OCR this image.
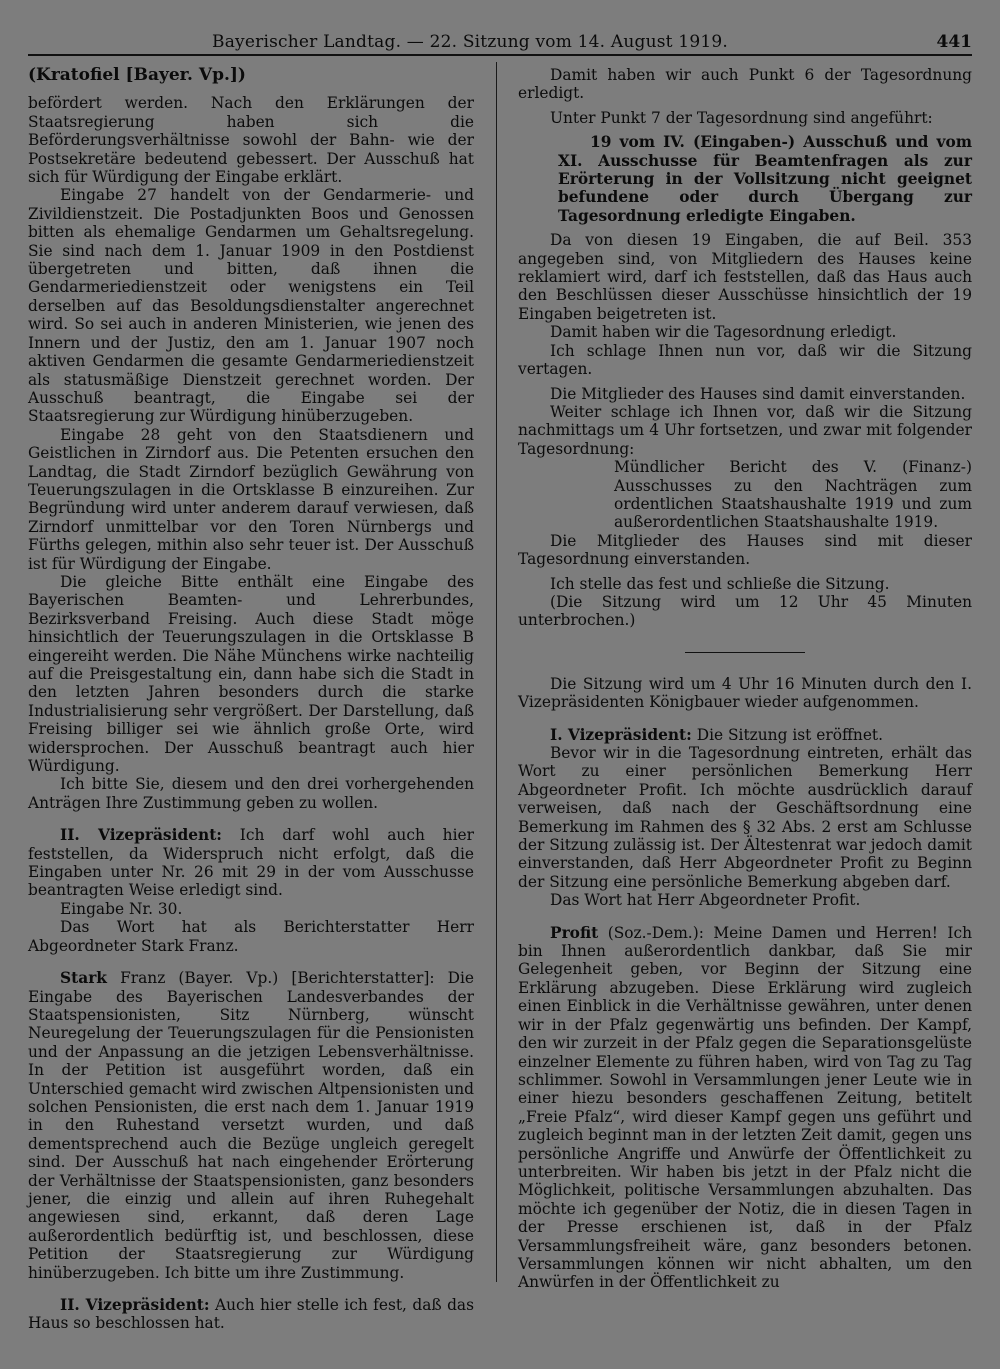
Bayerischer Landtag. — 22. Sitzung vom 14. August 1919.	441

(Kratofiel [Bayer. Vp.])

befördert werden. Nach den Erklärungen der Staatsregierung haben sich die Beförderungsverhältnisse sowohl der Bahn- wie der Postsekretäre bedeutend gebessert. Der Ausschuß hat sich für Würdigung der Eingabe erklärt.

Eingabe 27 handelt von der Gendarmerie- und Zivildienstzeit. Die Postadjunkten Boos und Genossen bitten als ehemalige Gendarmen um Gehaltsregelung. Sie sind nach dem 1. Januar 1909 in den Postdienst übergetreten und bitten, daß ihnen die Gendarmeriedienstzeit oder wenigstens ein Teil derselben auf das Besoldungsdienstalter angerechnet wird. So sei auch in anderen Ministerien, wie jenen des Innern und der Justiz, den am 1. Januar 1907 noch aktiven Gendarmen die gesamte Gendarmeriedienstzeit als statusmäßige Dienstzeit gerechnet worden. Der Ausschuß beantragt, die Eingabe sei der Staatsregierung zur Würdigung hinüberzugeben.

Eingabe 28 geht von den Staatsdienern und Geistlichen in Zirndorf aus. Die Petenten ersuchen den Landtag, die Stadt Zirndorf bezüglich Gewährung von Teuerungszulagen in die Ortsklasse B einzureihen. Zur Begründung wird unter anderem darauf verwiesen, daß Zirndorf unmittelbar vor den Toren Nürnbergs und Fürths gelegen, mithin also sehr teuer ist. Der Ausschuß ist für Würdigung der Eingabe.

Die gleiche Bitte enthält eine Eingabe des Bayerischen Beamten- und Lehrerbundes, Bezirksverband Freising. Auch diese Stadt möge hinsichtlich der Teuerungszulagen in die Ortsklasse B eingereiht werden. Die Nähe Münchens wirke nachteilig auf die Preisgestaltung ein, dann habe sich die Stadt in den letzten Jahren besonders durch die starke Industrialisierung sehr vergrößert. Der Darstellung, daß Freising billiger sei wie ähnlich große Orte, wird widersprochen. Der Ausschuß beantragt auch hier Würdigung.

Ich bitte Sie, diesem und den drei vorhergehenden Anträgen Ihre Zustimmung geben zu wollen.

II. Vizepräsident: Ich darf wohl auch hier feststellen, da Widerspruch nicht erfolgt, daß die Eingaben unter Nr. 26 mit 29 in der vom Ausschusse beantragten Weise erledigt sind.

Eingabe Nr. 30.

Das Wort hat als Berichterstatter Herr Abgeordneter Stark Franz.

Stark Franz (Bayer. Vp.) [Berichterstatter]: Die Eingabe des Bayerischen Landesverbandes der Staatspensionisten, Sitz Nürnberg, wünscht Neuregelung der Teuerungszulagen für die Pensionisten und der Anpassung an die jetzigen Lebensverhältnisse. In der Petition ist ausgeführt worden, daß ein Unterschied gemacht wird zwischen Altpensionisten und solchen Pensionisten, die erst nach dem 1. Januar 1919 in den Ruhestand versetzt wurden, und daß dementsprechend auch die Bezüge ungleich geregelt sind. Der Ausschuß hat nach eingehender Erörterung der Verhältnisse der Staatspensionisten, ganz besonders jener, die einzig und allein auf ihren Ruhegehalt angewiesen sind, erkannt, daß deren Lage außerordentlich bedürftig ist, und beschlossen, diese Petition der Staatsregierung zur Würdigung hinüberzugeben. Ich bitte um ihre Zustimmung.

II. Vizepräsident: Auch hier stelle ich fest, daß das Haus so beschlossen hat.

Damit haben wir auch Punkt 6 der Tagesordnung erledigt.

Unter Punkt 7 der Tagesordnung sind angeführt:

19 vom IV. (Eingaben-) Ausschuß und vom XI. Ausschusse für Beamtenfragen als zur Erörterung in der Vollsitzung nicht geeignet befundene oder durch Übergang zur Tagesordnung erledigte Eingaben.

Da von diesen 19 Eingaben, die auf Beil. 353 angegeben sind, von Mitgliedern des Hauses keine reklamiert wird, darf ich feststellen, daß das Haus auch den Beschlüssen dieser Ausschüsse hinsichtlich der 19 Eingaben beigetreten ist.

Damit haben wir die Tagesordnung erledigt.

Ich schlage Ihnen nun vor, daß wir die Sitzung vertagen.

Die Mitglieder des Hauses sind damit einverstanden.

Weiter schlage ich Ihnen vor, daß wir die Sitzung nachmittags um 4 Uhr fortsetzen, und zwar mit folgender Tagesordnung:

Mündlicher Bericht des V. (Finanz-) Ausschusses zu den Nachträgen zum ordentlichen Staatshaushalte 1919 und zum außerordentlichen Staatshaushalte 1919.

Die Mitglieder des Hauses sind mit dieser Tagesordnung einverstanden.

Ich stelle das fest und schließe die Sitzung.

(Die Sitzung wird um 12 Uhr 45 Minuten unterbrochen.)

Die Sitzung wird um 4 Uhr 16 Minuten durch den I. Vizepräsidenten Königbauer wieder aufgenommen.

I. Vizepräsident: Die Sitzung ist eröffnet.

Bevor wir in die Tagesordnung eintreten, erhält das Wort zu einer persönlichen Bemerkung Herr Abgeordneter Profit. Ich möchte ausdrücklich darauf verweisen, daß nach der Geschäftsordnung eine Bemerkung im Rahmen des § 32 Abs. 2 erst am Schlusse der Sitzung zulässig ist. Der Ältestenrat war jedoch damit einverstanden, daß Herr Abgeordneter Profit zu Beginn der Sitzung eine persönliche Bemerkung abgeben darf.

Das Wort hat Herr Abgeordneter Profit.

Profit (Soz.-Dem.): Meine Damen und Herren! Ich bin Ihnen außerordentlich dankbar, daß Sie mir Gelegenheit geben, vor Beginn der Sitzung eine Erklärung abzugeben. Diese Erklärung wird zugleich einen Einblick in die Verhältnisse gewähren, unter denen wir in der Pfalz gegenwärtig uns befinden. Der Kampf, den wir zurzeit in der Pfalz gegen die Separationsgelüste einzelner Elemente zu führen haben, wird von Tag zu Tag schlimmer. Sowohl in Versammlungen jener Leute wie in einer hiezu besonders geschaffenen Zeitung, betitelt „Freie Pfalz“, wird dieser Kampf gegen uns geführt und zugleich beginnt man in der letzten Zeit damit, gegen uns persönliche Angriffe und Anwürfe der Öffentlichkeit zu unterbreiten. Wir haben bis jetzt in der Pfalz nicht die Möglichkeit, politische Versammlungen abzuhalten. Das möchte ich gegenüber der Notiz, die in diesen Tagen in der Presse erschienen ist, daß in der Pfalz Versammlungsfreiheit wäre, ganz besonders betonen. Versammlungen können wir nicht abhalten, um den Anwürfen in der Öffentlichkeit zu
